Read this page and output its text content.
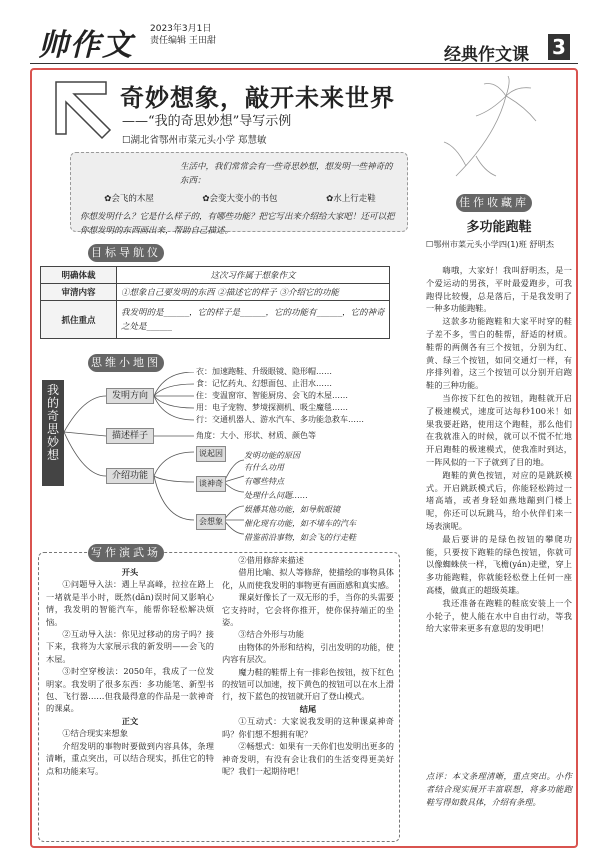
帅作文 2023年3月1日
责任编辑 王田甜
经典作文课 3
奇妙想象，敲开未来世界
——“我的奇思妙想”导写示例
☐湖北省鄂州市菜元头小学 郑慧敏
生活中，我们常常会有一些奇思妙想，想发明一些神奇的东西：
✿会飞的木屋	✿会变大变小的书包	✿水上行走鞋
你想发明什么？它是什么样子的，有哪些功能？把它写出来介绍给大家吧！还可以把你想发明的东西画出来，帮助自己描述。
目标导航仪
明确体裁	这次习作属于想象作文
审清内容	①想象自己要发明的东西 ②描述它的样子 ③介绍它的功能
抓住重点	我发明的是______，它的样子是______，它的功能有______，它的神奇之处是______
思维小地图
我的奇思妙想
发明方向
描述样子
介绍功能
衣：加速跑鞋、升级眼镜、隐形帽……
食：记忆药丸、幻想面包、止泪水……
住：变温窗帘、智能厨房、会飞的木屋……
用：电子宠物、梦境探测机、吸尘魔毯……
行：交通机器人、游水汽车、多功能急救车……
角度：大小、形状、材质、颜色等
说起因
谈神奇
会想象
发明功能的原因
有什么功用
有哪些特点
处理什么问题……
娱播其他功能，如导航眼镜
催化现有功能，如不堵车的汽车
借鉴前沿事物，如会飞的行走鞋
写作演武场

开头

①问题导入法：遇上早高峰，拉拉在路上一堵就是半小时，既然(dān)误时间又影响心情，我发明的智能汽车，能帮你轻松解决烦恼。

②互动导入法：你见过移动的房子吗？接下来，我将为大家展示我的新发明——会飞的木屋。

③时空穿梭法：2050年，我成了一位发明家。我发明了很多东西：多功能笔、新型书包、飞行器……但我最得意的作品是一款神奇的课桌。

正文

①结合现实来想象

介绍发明的事物时要做到内容具体，条理清晰，重点突出，可以结合现实，抓住它的特点和功能来写。

②借用修辞来描述

借用比喻、拟人等修辞，使描绘的事物具体化，从而使我发明的事物更有画面感和真实感。

课桌好像长了一双无形的手，当你的头需要它支持时，它会将你推开，使你保持端正的坐姿。

③结合外形与功能

由物体的外形和结构，引出发明的功能，使内容有层次。

魔力鞋的鞋帮上有一排彩色按钮，按下红色的按钮可以加速，按下黄色的按钮可以在水上滑行，按下蓝色的按钮就开启了登山模式。

结尾

①互动式：大家说我发明的这种课桌神奇吗？你们想不想拥有呢？

②畅想式：如果有一天你们也发明出更多的神奇发明，有没有会让我们的生活变得更美好呢？我们一起期待吧！

佳作收藏库
多功能跑鞋
☐鄂州市菜元头小学四(1)班 舒明杰

嗨哦，大家好！我叫舒明杰，是一个爱运动的男孩，平时最爱跑步，可我跑得比较慢，总是落后，于是我发明了一种多功能跑鞋。

这款多功能跑鞋和大家平时穿的鞋子差不多，雪白的鞋帮，舒适的材质。鞋帮的两侧各有三个按钮，分别为红、黄、绿三个按钮，如同交通灯一样，有序排列着，这三个按钮可以分别开启跑鞋的三种功能。

当你按下红色的按钮，跑鞋就开启了极速模式，速度可达每秒100米！如果我要赶路，使用这个跑鞋，那么他们在我就准入的时候，就可以不慌不忙地开启跑鞋的极速模式，使我准时到达，一阵风似的一下子就到了目的地。

跑鞋的黄色按钮，对应的是跳跃模式。开启跳跃模式后，你能轻松跨过一堵高墙，或者身轻如燕地蹦到门楼上呢，你还可以玩跳马，给小伙伴们来一场表演呢。

最后要讲的是绿色按钮的攀爬功能，只要按下跑鞋的绿色按钮，你就可以像蜘蛛侠一样，飞檐(yán)走壁，穿上多功能跑鞋，你就能轻松登上任何一座高楼，做真正的超级英雄。

我还准备在跑鞋的鞋底安装上一个小轮子，使人能在水中自由行动，等我给大家带来更多有意思的发明吧！

点评：本文条理清晰，重点突出。小作者结合现实展开丰富联想，将多功能跑鞋写得如数具体，介绍有条理。
